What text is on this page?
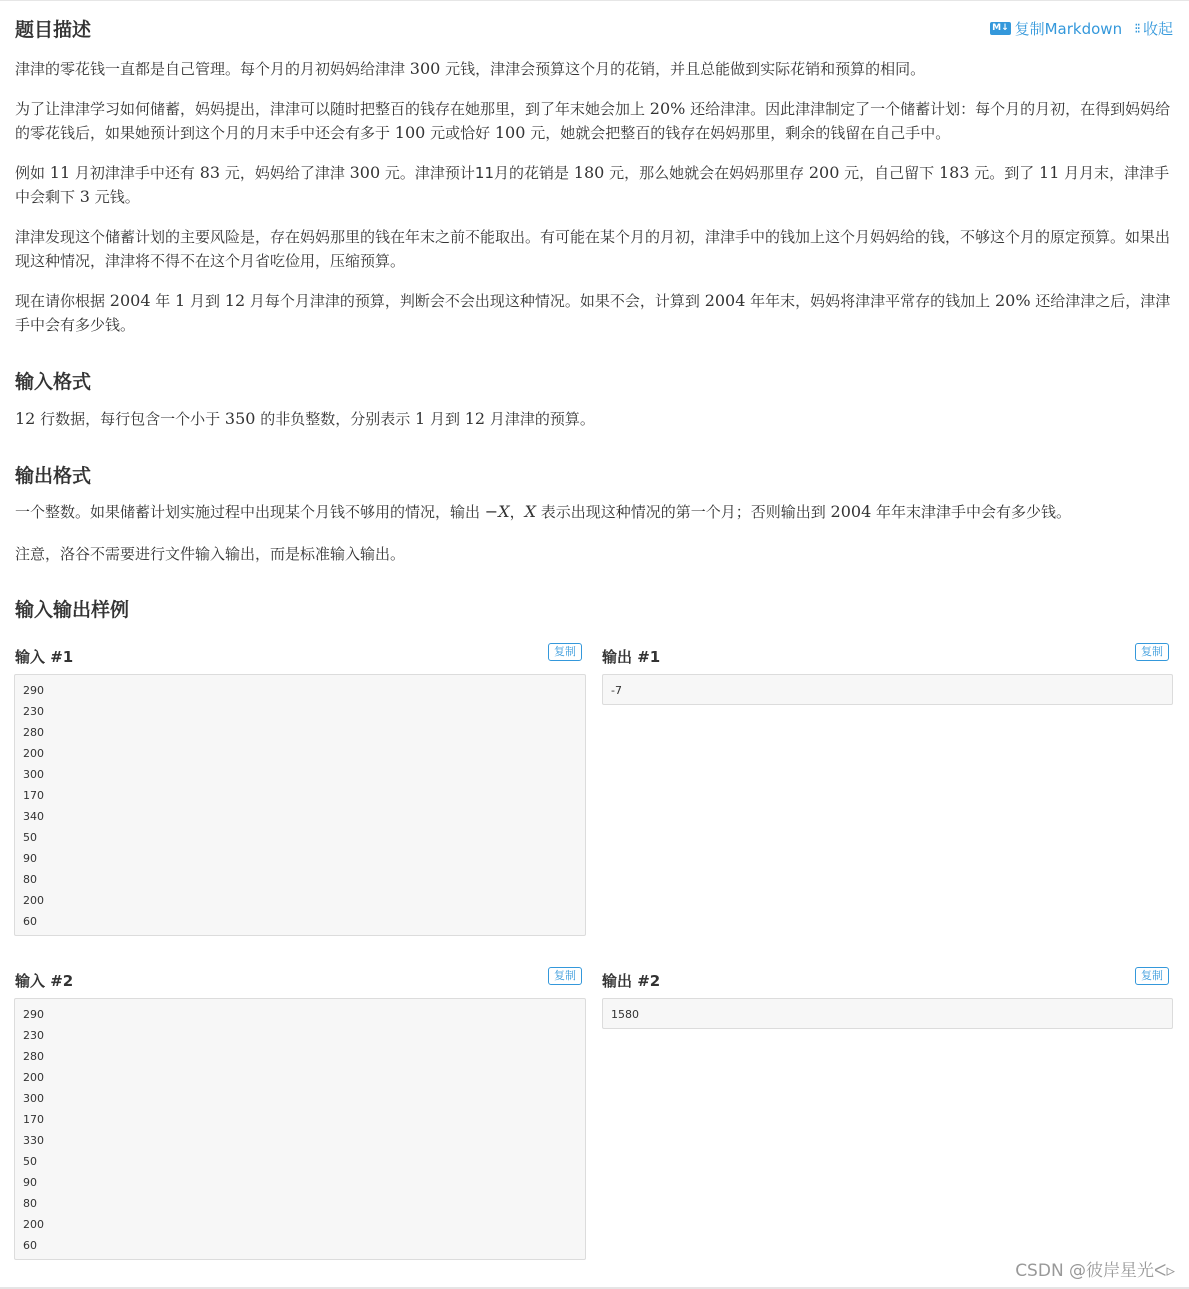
题目描述	M↓ 复制Markdown ⁝⁝ 收起

津津的零花钱一直都是自己管理。每个月的月初妈妈给津津 300 元钱，津津会预算这个月的花销，并且总能做到实际花销和预算的相同。

为了让津津学习如何储蓄，妈妈提出，津津可以随时把整百的钱存在她那里，到了年末她会加上 20% 还给津津。因此津津制定了一个储蓄计划：每个月的月初，在得到妈妈给的零花钱后，如果她预计到这个月的月末手中还会有多于 100 元或恰好 100 元，她就会把整百的钱存在妈妈那里，剩余的钱留在自己手中。

例如 11 月初津津手中还有 83 元，妈妈给了津津 300 元。津津预计11月的花销是 180 元，那么她就会在妈妈那里存 200 元，自己留下 183 元。到了 11 月月末，津津手中会剩下 3 元钱。

津津发现这个储蓄计划的主要风险是，存在妈妈那里的钱在年末之前不能取出。有可能在某个月的月初，津津手中的钱加上这个月妈妈给的钱，不够这个月的原定预算。如果出现这种情况，津津将不得不在这个月省吃俭用，压缩预算。

现在请你根据 2004 年 1 月到 12 月每个月津津的预算，判断会不会出现这种情况。如果不会，计算到 2004 年年末，妈妈将津津平常存的钱加上 20% 还给津津之后，津津手中会有多少钱。

输入格式

12 行数据，每行包含一个小于 350 的非负整数，分别表示 1 月到 12 月津津的预算。

输出格式

一个整数。如果储蓄计划实施过程中出现某个月钱不够用的情况，输出 −X，X 表示出现这种情况的第一个月；否则输出到 2004 年年末津津手中会有多少钱。

注意，洛谷不需要进行文件输入输出，而是标准输入输出。

输入输出样例
输入 #1	复制
290
230
280
200
300
170
340
50
90
80
200
60
输出 #1	复制
-7
输入 #2	复制
290
230
280
200
300
170
330
50
90
80
200
60
输出 #2	复制
1580
CSDN @彼岸星光ᐸ▹
